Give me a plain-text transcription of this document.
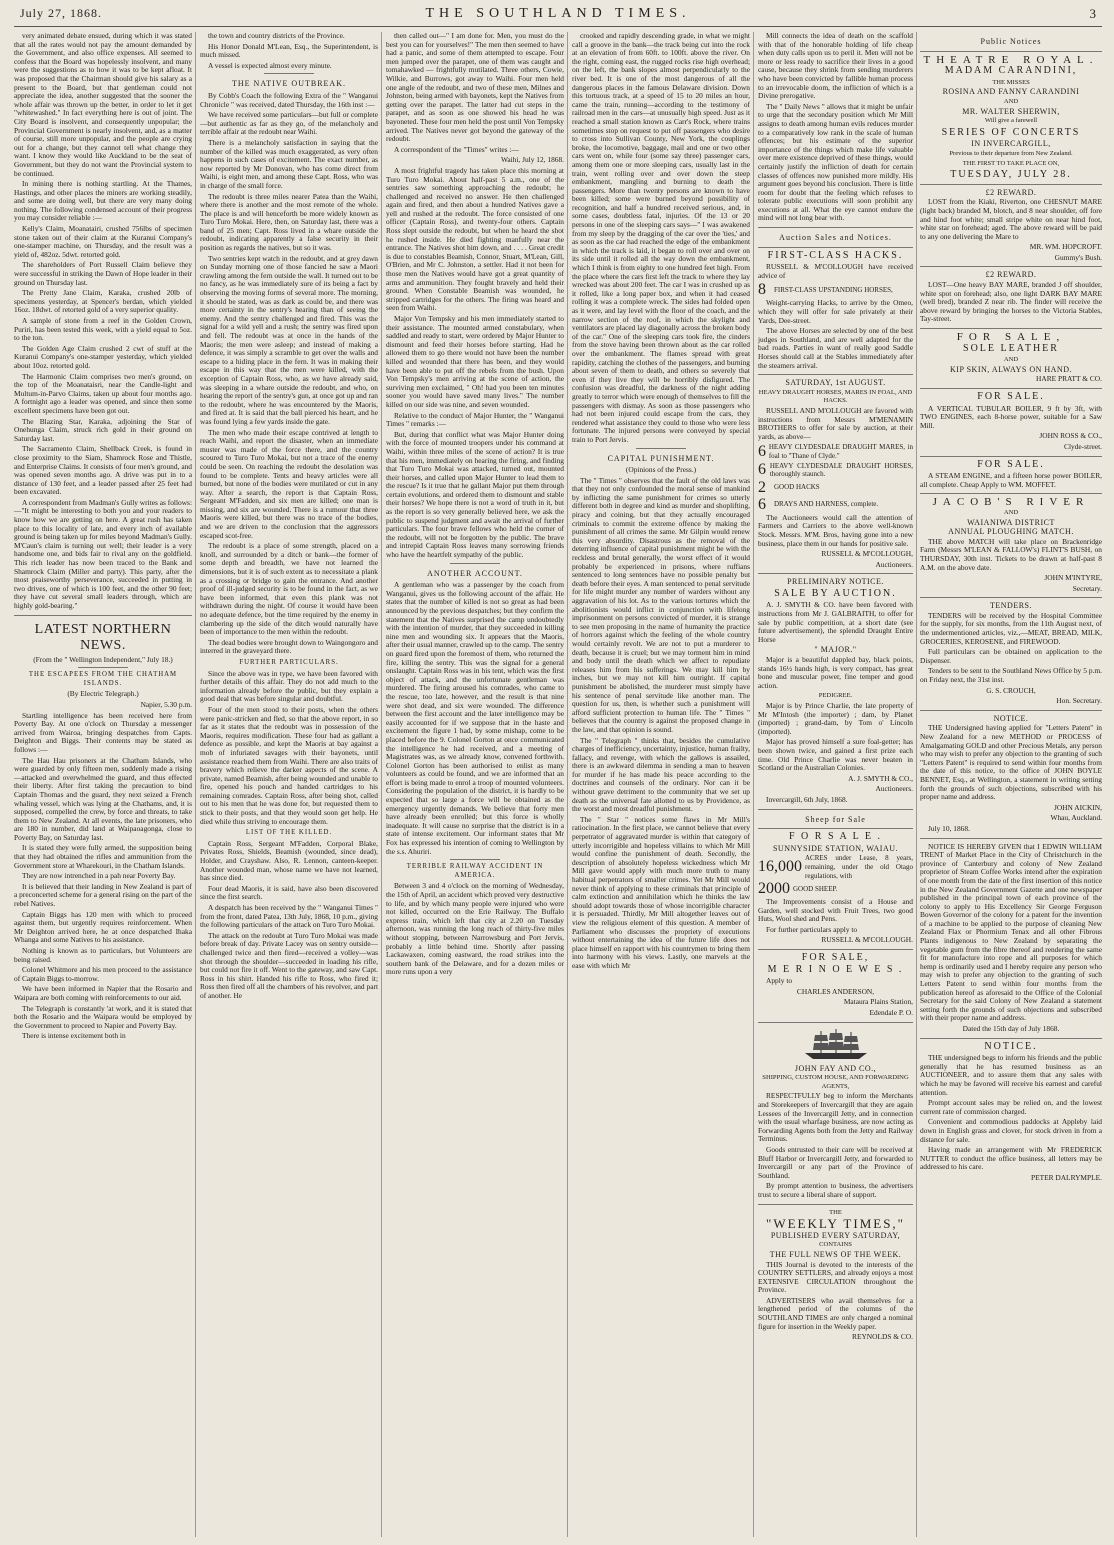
July 27, 1868.	THE SOUTHLAND TIMES.	3

very animated debate ensued, during which it was stated that all the rates would not pay the amount demanded by the Government, and also office expenses. All seemed to confess that the Board was hopelessly insolvent, and many were the suggestions as to how it was to be kept afloat. It was proposed that the Chairman should give his salary as a present to the Board, but that gentleman could not appreciate the idea, another suggested that the sooner the whole affair was thrown up the better, in order to let it get "whitewashed." In fact everything here is out of joint. The City Board is insolvent, and consequently unpopular; the Provincial Government is nearly insolvent, and, as a matter of course, still more unpopular, and the people are crying out for a change, but they cannot tell what change they want. I know they would like Auckland to be the seat of Government, but they do not want the Provincial system to be continued.

In mining there is nothing startling. At the Thames, Hastings, and other places the miners are working steadily, and some are doing well, but there are very many doing nothing. The following condensed account of their progress you may consider reliable :—

Kelly's Claim, Moanatairi, crushed 756lbs of specimen stone taken out of their claim at the Kuranui Company's one-stamper machine, on Thursday, and the result was a yield of, 482oz. 5dwt. retorted gold.

The shareholders of Port Russell Claim believe they were successful in striking the Dawn of Hope leader in their ground on Thursday last.

The Pretty Jane Claim, Karaka, crushed 20lb of specimens yesterday, at Spencer's berdan, which yielded 16oz. 18dwt. of retorted gold of a very superior quality.

A sample of stone from a reef in the Golden Crown, Puriri, has been tested this week, with a yield equal to 5oz. to the ton.

The Golden Age Claim crushed 2 cwt of stuff at the Kuranui Company's one-stamper yesterday, which yielded about 10oz. retorted gold.

The Harmonic Claim comprises two men's ground, on the top of the Moanataisri, near the Candle-light and Multum-in-Parvo Claims, taken up about four months ago. A fortnight ago a leader was opened, and since then some excellent specimens have been got out.

The Blazing Star, Karaka, adjoining the Star of Onehunga Claim, struck rich gold in their ground on Saturday last.

The Sacramento Claim, Shellback Creek, is found in close proximity to the Siam, Shamrock Rose and Thistle, and Enterprise Claims. It consists of four men's ground, and was opened seven months ago. A drive was put in to a distance of 130 feet, and a leader passed after 25 feet had been excavated.

A correspondent from Madman's Gully writes as follows:—"It might be interesting to both you and your readers to know how we are getting on here. A great rush has taken place to this locality of late, and every inch of available ground is being taken up for miles beyond Madman's Gully. M'Caun's claim is turning out well; their leader is a very handsome one, and bids fair to rival any on the goldfield. This rich leader has now been traced to the Bank and Shamrock Claim (Miller and party). This party, after the most praiseworthy perseverance, succeeded in putting in two drives, one of which is 100 feet, and the other 90 feet; they have cut several small leaders through, which are highly gold-bearing."

LATEST NORTHERN NEWS.

(From the " Wellington Independent," July 18.)

THE ESCAPEES FROM THE CHATHAM ISLANDS.

(By Electric Telegraph.)

Napier, 5.30 p.m.

Startling intelligence has been received here from Poverty Bay. At one o'clock on Thursday a messenger arrived from Wairoa, bringing despatches from Capts. Deighton and Biggs. Their contents may be stated as follows :—

The Hau Hau prisoners at the Chatham Islands, who were guarded by only fifteen men, suddenly made a rising—attacked and overwhelmed the guard, and thus effected their liberty. After first taking the precaution to bind Captain Thomas and the guard, they next seized a French whaling vessel, which was lying at the Chathams, and, it is supposed, compelled the crew, by force and threats, to take them to New Zealand. At all events, the late prisoners, who are 180 in number, did land at Waipaoagonga, close to Poverty Bay, on Saturday last.

It is stated they were fully armed, the supposition being that they had obtained the rifles and ammunition from the Government store at Wharekouri, in the Chatham Islands.

They are now intrenched in a pah near Poverty Bay.

It is believed that their landing in New Zealand is part of a preconcerted scheme for a general rising on the part of the rebel Natives.

Captain Biggs has 120 men with which to proceed against them, but urgently requires reinforcement. When Mr Deighton arrived here, he at once despatched Ihaka Whanga and some Natives to his assistance.

Nothing is known as to particulars, but Volunteers are being raised.

Colonel Whitmore and his men proceed to the assistance of Captain Biggs to-morrow.

We have been informed in Napier that the Rosario and Waipara are both coming with reinforcements to our aid.

The Telegraph is constantly 'at work, and it is stated that both the Rosario and the Waipara would be employed by the Government to proceed to Napier and Poverty Bay.

There is intense excitement both in

the town and country districts of the Province.

His Honor Donald M'Lean, Esq., the Superintendent, is much missed.

A vessel is expected almost every minute.

THE NATIVE OUTBREAK.

By Cobb's Coach the following Extra of the " Wanganui Chronicle " was received, dated Thursday, the 16th inst :—

We have received some particulars—but full or complete—but authentic as far as they go, of the melancholy and terrible affair at the redoubt near Waihi.

There is a melancholy satisfaction in saying that the number of the killed was much exaggerated, as very often happens in such cases of excitement. The exact number, as now reported by Mr Donovan, who has come direct from Waihi, is eight men, and among these Capt. Ross, who was in charge of the small force.

The redoubt is three miles nearer Patea than the Waihi, where there is another and the most remote of the whole. The place is and will henceforth be more widely known as Turo Turo Mokai. Here, then, on Saturday last, there was a band of 25 men; Capt. Ross lived in a whare outside the redoubt, indicating apparently a false security in their position as regards the natives, but so it was.

Two sentries kept watch in the redoubt, and at grey dawn on Sunday morning one of those fancied he saw a Maori crawling among the fern outside the wall. It turned out to be no fancy, as he was immediately sure of its being a fact by observing the moving forms of several more. The morning, it should be stated, was as dark as could be, and there was more certainty in the sentry's hearing than of seeing the enemy. And the sentry challenged and fired. This was the signal for a wild yell and a rush; the sentry was fired upon and fell. The redoubt was at once in the hands of the Maoris; the men were asleep; and instead of making a defence, it was simply a scramble to get over the walls and escape to a hiding place in the fern. It was in making their escape in this way that the men were killed, with the exception of Captain Ross, who, as we have already said, was sleeping in a whare outside the redoubt, and who, on hearing the report of the sentry's gun, at once got up and ran to the redoubt, where he was encountered by the Maoris, and fired at. It is said that the ball pierced his heart, and he was found lying a few yards inside the gate.

The men who made their escape contrived at length to reach Waihi, and report the disaster, when an immediate muster was made of the force there, and the country scoured to Turo Turo Mokai, but not a trace of the enemy could be seen. On reaching the redoubt the desolation was found to be complete. Tents and heavy articles were all burned, but none of the bodies were mutilated or cut in any way. After a search, the report is that Captain Ross, Sergeant M'Fadden, and six men are killed; one man is missing, and six are wounded. There is a rumour that three Maoris were killed, but there was no trace of the bodies, and we are driven to the conclusion that the aggressors escaped scot-free.

The redoubt is a place of some strength, placed on a knoll, and surrounded by a ditch or bank—the former of some depth and breadth, we have not learned the dimensions, but it is of such extent as to necessitate a plank as a crossing or bridge to gain the entrance. And another proof of ill-judged security is to be found in the fact, as we have been informed, that even this plank was not withdrawn during the night. Of course it would have been no adequate defence, but the time required by the enemy in clambering up the side of the ditch would naturally have been of importance to the men within the redoubt.

The dead bodies were brought down to Waingongoro and interred in the graveyard there.

FURTHER PARTICULARS.

Since the above was in type, we have been favored with further details of this affair. They do not add much to the information already before the public, but they explain a good deal that was before singular and doubtful.

Four of the men stood to their posts, when the others were panic-stricken and fled, so that the above report, in so far as it states that the redoubt was in possession of the Maoris, requires modification. These four had as gallant a defence as possible, and kept the Maoris at bay against a mob of infuriated savages with their bayonets, until assistance reached them from Waihi. There are also traits of bravery which relieve the darker aspects of the scene. A private, named Beamish, after being wounded and unable to fire, opened his pouch and handed cartridges to his remaining comrades. Captain Ross, after being shot, called out to his men that he was done for, but requested them to stick to their posts, and that they would soon get help. He died while thus striving to encourage them.

LIST OF THE KILLED.

Captain Ross, Sergeant M'Fadden, Corporal Blake, Privates Ross, Shields, Beamish (wounded, since dead), Holder, and Crayshaw. Also, R. Lennon, canteen-keeper. Another wounded man, whose name we have not learned, has since died.

Four dead Maoris, it is said, have also been discovered since the first search.

A despatch has been received by the " Wanganui Times " from the front, dated Patea, 13th July, 1868, 10 p.m., giving the following particulars of the attack on Turo Turo Mokai.

The attack on the redoubt at Turo Turo Mokai was made before break of day. Private Lacey was on sentry outside—challenged twice and then fired—received a volley—was shot through the shoulder—succeeded in loading his rifle, but could not fire it off. Went to the gateway, and saw Capt. Ross in his shirt. Handed his rifle to Ross, who fired it; Ross then fired off all the chambers of his revolver, and part of another. He

then called out—" I am done for. Men, you must do the best you can for yourselves!" The men then seemed to have had a panic, and some of them attempted to escape. Four men jumped over the parapet, one of them was caught and tomahawked — frightfully mutilated. Three others, Cowie, Wilkie, and Burrows, got away to Waihi. Four men held one angle of the redoubt, and two of these men, Milnes and Johnston, being armed with bayonets, kept the Natives from getting over the parapet. The latter had cut steps in the parapet, and as soon as one showed his head he was bayoneted. These four men held the post until Von Tempsky arrived. The Natives never got beyond the gateway of the redoubt.

A correspondent of the "Times" writes :—

Waihi, July 12, 1868.

A most frightful tragedy has taken place this morning at Turo Turo Mokai. About half-past 5 a.m., one of the sentries saw something approaching the redoubt; he challenged and received no answer. He then challenged again and fired, and then about a hundred Natives gave a yell and rushed at the redoubt. The force consisted of one officer (Captain Ross), and twenty-four others. Captain Ross slept outside the redoubt, but when he heard the shot he rushed inside. He died fighting manfully near the entrance. The Natives shot him down, and . . . . Great credit is due to constables Beamish, Connor, Stuart, M'Lean, Gill, O'Brien, and Mr C. Johnston, a settler. Had it not been for those men the Natives would have got a great quantity of arms and ammunition. They fought bravely and held their ground. When Constable Beamish was wounded, he stripped cartridges for the others. The firing was heard and seen from Waihi.

Major Von Tempsky and his men immediately started to their assistance. The mounted armed constabulary, when saddled and ready to start, were ordered by Major Hunter to dismount and feed their horses before starting. Had he allowed them to go there would not have been the number killed and wounded that there has been, and they would have been able to put off the rebels from the bush. Upon Von Tempsky's men arriving at the scene of action, the surviving men exclaimed, " Oh! had you been ten minutes sooner you would have saved many lives." The number killed on our side was nine, and seven wounded.

Relative to the conduct of Major Hunter, the " Wanganui Times " remarks :—

But, during that conflict what was Major Hunter doing with the force of mounted troopers under his command at Waihi, within three miles of the scene of action? It is true that his men, immediately on hearing the firing, and finding that Turo Turo Mokai was attacked, turned out, mounted their horses, and called upon Major Hunter to lead them to the rescue? Is it true that he gallant Major put them through certain evolutions, and ordered them to dismount and stable their horses? We hope there is not a word of truth in it, but as the report is so very generally believed here, we ask the public to suspend judgment and await the arrival of further particulars. The four brave fellows who held the corner of the redoubt, will not be forgotten by the public. The brave and intrepid Captain Ross leaves many sorrowing friends who have the heartfelt sympathy of the public.

ANOTHER ACCOUNT.

A gentleman who was a passenger by the coach from Wanganui, gives us the following account of the affair. He states that the number of killed is not so great as had been announced by the previous despatches; but they confirm the statement that the Natives surprised the camp undoubtedly with the intention of murder, that they succeeded in killing nine men and wounding six. It appears that the Maoris, after their usual manner, crawled up to the camp. The sentry on guard fired upon the foremost of them, who returned the fire, killing the sentry. This was the signal for a general onslaught. Captain Ross was in his tent, which was the first object of attack, and the unfortunate gentleman was murdered. The firing aroused his comrades, who came to the rescue, too late, however, and the result is that nine were shot dead, and six were wounded. The difference between the first account and the later intelligence may be easily accounted for if we suppose that in the haste and excitement the figure 1 had, by some mishap, come to be placed before the 9. Colonel Gorton at once communicated the intelligence he had received, and a meeting of Magistrates was, as we already know, convened forthwith. Colonel Gorton has been authorised to enlist as many volunteers as could be found, and we are informed that an effort is being made to enrol a troop of mounted volunteers. Considering the population of the district, it is hardly to be expected that so large a force will be obtained as the emergency urgently demands. We believe that forty men have already been enrolled; but this force is wholly inadequate. It will cause no surprise that the district is in a state of intense excitement. Our informant states that Mr Fox has expressed his intention of coming to Wellington by the s.s. Ahuriri.

TERRIBLE RAILWAY ACCIDENT IN AMERICA.

Between 3 and 4 o'clock on the morning of Wednesday, the 15th of April, an accident which proved very destructive to life, and by which many people were injured who were not killed, occurred on the Erie Railway. The Buffalo express train, which left that city at 2.20 on Tuesday afternoon, was running the long reach of thirty-five miles without stopping, between Narrowsburg and Port Jervis, probably a little behind time. Shortly after passing Lackawaxen, coming eastward, the road strikes into the southern bank of the Delaware, and for a dozen miles or more runs upon a very

crooked and rapidly descending grade, in what we might call a groove in the bank—the track being cut into the rock at an elevation of from 60ft. to 100ft. above the river. On the right, coming east, the rugged rocks rise high overhead; on the left, the bank slopes almost perpendicularly to the river bed. It is one of the most dangerous of all the dangerous places in the famous Delaware division. Down this tortuous track, at a speed of 15 to 20 miles an hour, came the train, running—according to the testimony of railroad men in the cars—at unusually high speed. Just as it reached a small station known as Carr's Rock, where trains sometimes stop on request to put off passengers who desire to cross into Sullivan County, New York, the couplings broke, the locomotive, baggage, mail and one or two other cars went on, while four (some say three) passenger cars, among them one or more sleeping cars, usually last in the train, went rolling over and over down the steep embankment, mangling and burning to death the passengers. More than twenty persons are known to have been killed; some were burned beyond possibility of recognition, and half a hundred received serious, and, in some cases, doubtless fatal, injuries. Of the 13 or 20 persons in one of the sleeping cars says—" I was awakened from my sleep by the dragging of the car over the 'ties,' and as soon as the car had reached the edge of the embankment in which the track is laid, it began to roll over and over on its side until it rolled all the way down the embankment, which I think is from eighty to one hundred feet high. From the place where the cars first left the track to where they lay wrecked was about 200 feet. The car I was in crushed up as it rolled, like a long paper box, and when it had ceased rolling it was a complete wreck. The sides had folded open as it were, and lay level with the floor of the coach, and the narrow section of the roof, in which the skylight and ventilators are placed lay diagonally across the broken body of the car." One of the sleeping cars took fire, the cinders from the stove having been thrown about as the car rolled over the embankment. The flames spread with great rapidity, catching the clothes of the passengers, and burning about seven of them to death, and others so severely that even if they live they will be horribly disfigured. The confusion was dreadful, the darkness of the night adding greatly to terror which were enough of themselves to fill the passengers with dismay. As soon as those passengers who had not been injured could escape from the cars, they rendered what assistance they could to those who were less fortunate. The injured persons were conveyed by special train to Port Jervis.

CAPITAL PUNISHMENT.

(Opinions of the Press.)

The " Times " observes that the fault of the old laws was that they not only confounded the moral sense of mankind by inflicting the same punishment for crimes so utterly different both in degree and kind as murder and shoplifting, piracy and coining, but that they actually encouraged criminals to commit the extreme offence by making the punishment of all crimes the same. Mr Gilpin would renew this very absurdity. Disastrous as the removal of the deterring influence of capital punishment might be with the reckless and brutal generally, the worst effect of it would probably be experienced in prisons, where ruffians sentenced to long sentences have no possible penalty but death before their eyes. A man sentenced to penal servitude for life might murder any number of warders without any aggravation of his lot. As to the various tortures which the abolitionists would inflict in conjunction with lifelong imprisonment on persons convicted of murder, it is strange to see men proposing in the name of humanity the practice of horrors against which the feeling of the whole country would certainly revolt. We are not to put a murderer to death, because it is cruel; but we may torment him in mind and body until the death which we affect to repudiate releases him from his sufferings. We may kill him by inches, but we may not kill him outright. If capital punishment be abolished, the murderer must simply have his sentence of penal servitude like another man. The question for us, then, is whether such a punishment will afford sufficient protection to human life. The " Times " believes that the country is against the proposed change in the law, and that opinion is sound.

The " Telegraph " thinks that, besides the cumulative charges of inefficiency, uncertainty, injustice, human frailty, fallacy, and revenge, with which the gallows is assailed, there is an awkward dilemma in sending a man to heaven for murder if he has made his peace according to the doctrines and counsels of the ordinary. Nor can it be without grave detriment to the community that we set up death as the universal fate allotted to us by Providence, as the worst and most dreadful punishment.

The " Star " notices some flaws in Mr Mill's ratiocination. In the first place, we cannot believe that every perpetrator of aggravated murder is within that category of utterly incorrigible and hopeless villains to which Mr Mill would confine the punishment of death. Secondly, the description of absolutely hopeless wickedness which Mr Mill gave would apply with much more truth to many habitual perpetrators of smaller crimes. Yet Mr Mill would never think of applying to these criminals that principle of calm extinction and annihilation which he thinks the law should adopt towards those of whose incorrigible character it is persuaded. Thirdly, Mr Mill altogether leaves out of view the religious element of this question. A member of Parliament who discusses the propriety of executions without entertaining the idea of the future life does not place himself en rapport with his countrymen to bring them into harmony with his views. Lastly, one marvels at the ease with which Mr

Mill connects the idea of death on the scaffold with that of the honorable holding of life cheap when duty calls upon us to peril it. Men will not be more or less ready to sacrifice their lives in a good cause, because they shrink from sending murderers who have been convicted by fallible human process to an irrevocable doom, the infliction of which is a Divine prerogative.

The " Daily News " allows that it might be unfair to urge that the secondary position which Mr Mill assigns to death among human evils reduces murder to a comparatively low rank in the scale of human offences; but his estimate of the superior importance of the things which make life valuable over mere existence deprived of these things, would certainly justify the infliction of death for certain classes of offences now punished more mildly. His argument goes beyond his conclusion. There is little room for doubt that the feeling which refuses to tolerate public executions will soon prohibit any executions at all. What the eye cannot endure the mind will not long bear with.

Auction Sales and Notices.
FIRST-CLASS HACKS.

RUSSELL & M'COLLOUGH have received advice of

8	FIRST-CLASS UPSTANDING HORSES,

Weight-carrying Hacks, to arrive by the Omeo, which they will offer for sale privately at their Yards, Dee-street.

The above Horses are selected by one of the best judges in Southland, and are well adapted for the bad roads. Parties in want of really good Saddle Horses should call at the Stables immediately after the steamers arrival.

SATURDAY, 1st AUGUST.
HEAVY DRAUGHT HORSES, MARES IN FOAL, AND HACKS.

RUSSELL AND M'OLLOUGH are favored with instructions from Messrs M'MENAMIN BROTHERS to offer for sale by auction, at their yards, as above—

6 HEAVY CLYDESDALE DRAUGHT MARES, in foal to "Thane of Clyde."
6 HEAVY CLYDESDALE DRAUGHT HORSES, thoroughly staunch.
2	GOOD HACKS
6	DRAYS AND HARNESS, complete.

The Auctioneers would call the attention of Farmers and Carriers to the above well-known Stock. Messrs. M'M. Bros, having gone into a new business, place them in our hands for positive sale.

RUSSELL & M'COLLOUGH,

Auctioneers.

PRELIMINARY NOTICE.
SALE BY AUCTION.

A. J. SMYTH & CO. have been favored with instructions from Mr J. GALBRAITH, to offer for sale by public competition, at a short date (see future advertisement), the splendid Draught Entire Horse

" MAJOR."

Major is a beautiful dappled bay, black points, stands 16½ hands high, is very compact, has great bone and muscular power, fine temper and good action.

PEDIGREE.

Major is by Prince Charlie, the late property of Mr M'Intosh (the importer) ; dam, by Planet (imported) ; grand-dam, by Tom o' Lincoln (imported).

Major has proved himself a sure foal-getter; has been shown twice, and gained a first prize each time. Old Prince Charlie was never beaten in Scotland or the Australian Colonies.

A. J. SMYTH & CO.,

Auctioneers.

Invercargill, 6th July, 1868.

Sheep for Sale
F O R S A L E .
SUNNYSIDE STATION, WAIAU.
16,000 ACRES under Lease, 8 years, remaining, under the old Otago regulations, with
2000 GOOD SHEEP.

The Improvements consist of a House and Garden, well stocked with Fruit Trees, two good Huts, Wool shed and Pens.

For further particulars apply to

RUSSELL & M'COLLOUGH.

FOR SALE,
M E R I N O E W E S .

Apply to

CHARLES ANDERSON,

Mataura Plains Station,

Edendale P. O.

JOHN FAY AND CO.,
SHIPPING, CUSTOM HOUSE, AND FORWARDING AGENTS,

RESPECTFULLY beg to inform the Merchants and Storekeepers of Invercargill that they are again Lessees of the Invercargill Jetty, and in connection with the usual wharfage business, are now acting as Forwarding Agents both from the Jetty and Railway Terminus.

Goods entrusted to their care will be received at Bluff Harbor or Invercargill Jetty, and forwarded to Invercargill or any part of the Province of Southland.

By prompt attention to business, the advertisers trust to secure a liberal share of support.

THE
"WEEKLY TIMES,"
PUBLISHED EVERY SATURDAY,
CONTAINS
THE FULL NEWS OF THE WEEK.

THIS Journal is devoted to the interests of the COUNTRY SETTLERS, and already enjoys a most EXTENSIVE CIRCULATION throughout the Province.

ADVERTISERS who avail themselves for a lengthened period of the columns of the SOUTHLAND TIMES are only charged a nominal figure for insertion in the Weekly paper.

REYNOLDS & CO.

Public Notices
THEATRE ROYAL.
MADAM CARANDINI,
THE MISSES
ROSINA AND FANNY CARANDINI
AND
MR. WALTER SHERWIN,
Will give a farewell
SERIES OF CONCERTS
IN INVERCARGILL,
Previous to their departure from New Zealand.
THE FIRST TO TAKE PLACE ON,
TUESDAY, JULY 28.
£2 REWARD.

LOST from the Kiaki, Riverton, one CHESNUT MARE (light back) branded M, blotch, and 8 near shoulder, off fore and hind foot white; small stripe white on near hind foot, white star on forehead; aged. The above reward will be paid to any one delivering the Mare to

MR. WM. HOPCROFT.

Gummy's Bush.

£2 REWARD.

LOST—One heavy BAY MARE, branded J off shoulder, white spot on forehead; also, one light DARK BAY MARE (well bred), branded Z near rib. The finder will receive the above reward by bringing the horses to the Victoria Stables, Tay-street.

FOR SALE,
SOLE LEATHER
AND
KIP SKIN, ALWAYS ON HAND.

HARE PRATT & CO.

FOR SALE.

A VERTICAL TUBULAR BOILER, 9 ft by 3ft, with TWO ENGINES, each 8-horse power, suitable for a Saw Mill.

JOHN ROSS & CO.,

Clyde-street.

FOR SALE.

A STEAM ENGINE, and a fifteen horse power BOILER, all complete. Cheap Apply to WM. MOFFET.

JACOB'S RIVER
AND
WAIANIWA DISTRICT
ANNUAL PLOUGHING MATCH.

THE above MATCH will take place on Brackenridge Farm (Messrs M'LEAN & FALLOW's) FLINT'S BUSH, on THURSDAY, 30th inst. Tickets to be drawn at half-past 8 A.M. on the above date.

JOHN M'INTYRE,

Secretary.

TENDERS.

TENDERS will be received by the Hospital Committee for the supply, for six months, from the 11th August next, of the undermentioned articles, viz.,—MEAT, BREAD, MILK, GROCERIES, KEROSENE, and FIREWOOD.

Full particulars can be obtained on application to the Dispenser.

Tenders to be sent to the Southland News Office by 5 p.m. on Friday next, the 31st inst.

G. S. CROUCH,

Hon. Secretary.

NOTICE.

THE Undersigned having applied for "Letters Patent" in New Zealand for a new METHOD or PROCESS of Amalgamating GOLD and other Precious Metals, any person who may wish to prefer any objection to the granting of such "Letters Patent" is required to send within four months from the date of this notice, to the office of JOHN BOYLE BENNET, Esq., at Wellington, a statement in writing setting forth the grounds of such objections, subscribed with his proper name and address.

JOHN AICKIN,

Whau, Auckland.

July 10, 1868.

NOTICE IS HEREBY GIVEN that I EDWIN WILLIAM TRENT of Market Place in the City of Christchurch in the province of Canterbury and colony of New Zealand proprietor of Steam Coffee Works intend after the expiration of one month from the date of the first insertion of this notice in the New Zealand Government Gazette and one newspaper published in the principal town of each province of the colony to apply to His Excellency Sir George Ferguson Bowen Governor of the colony for a patent for the invention of a machine to be applied to the purpose of cleaning New Zealand Flax or Phormium Tenax and all other Fibrous Plants indigenous to New Zealand by separating the vegetable gum from the fibre thereof and rendering the same fit for manufacture into rope and all purposes for which hemp is ordinarily used and I hereby require any person who may wish to prefer any objection to the granting of such Letters Patent to send within four months from the publication hereof as aforesaid to the Office of the Colonial Secretary for the said Colony of New Zealand a statement setting forth the grounds of such objections and subscribed with their proper name and address.

Dated the 15th day of July 1868.

NOTICE.

THE undersigned begs to inform his friends and the public generally that he has resumed business as an AUCTIONEER, and to assure them that any sales with which he may be favored will receive his earnest and careful attention.

Prompt account sales may be relied on, and the lowest current rate of commission charged.

Convenient and commodious paddocks at Appleby laid down in English grass and clover, for stock driven in from a distance for sale.

Having made an arrangement with Mr FREDERICK NUTTER to conduct the office business, all letters may be addressed to his care.

PETER DALRYMPLE.
